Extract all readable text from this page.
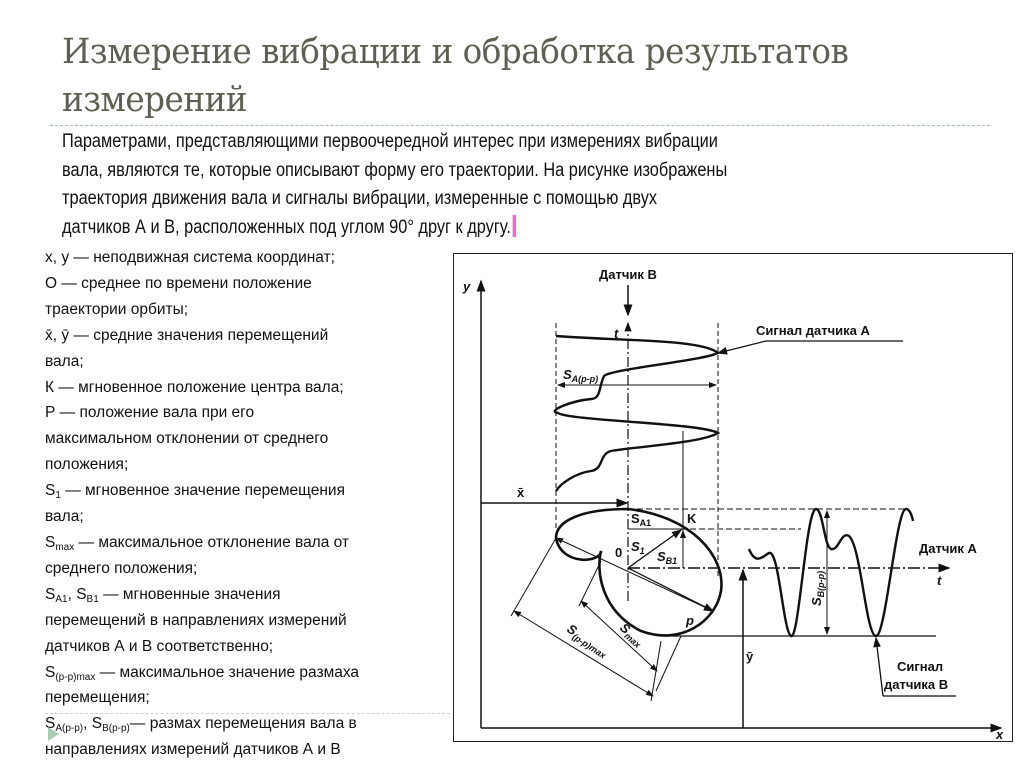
Измерение вибрации и обработка результатов измерений
Параметрами, представляющими первоочередной интерес при измерениях вибрации
вала, являются те, которые описывают форму его траектории. На рисунке изображены
траектория движения вала и сигналы вибрации, измеренные с помощью двух
датчиков А и В, расположенных под углом 90° друг к другу.
x, y — неподвижная система координат;
O — среднее по времени положение
траектории орбиты;
x̄, ȳ — средние значения перемещений
вала;
К — мгновенное положение центра вала;
Р — положение вала при его
максимальном отклонении от среднего
положения;
$S_1$ — мгновенное значение перемещения
вала;
$S_{max}$ — максимальное отклонение вала от
среднего положения;
$S_{A1}$, $S_{B1}$ — мгновенные значения
перемещений в направлениях измерений
датчиков А и В соответственно;
$S_{(p-p)max}$ — максимальное значение размаха
перемещения;
$S_{A(p-p)}$, $S_{B(p-p)}—$ размах перемещения вала в
направлениях измерений датчиков А и В
Датчик В
y
x
t	Сигнал датчика А
$S_{A(p-p)}$
x̄
$S_{A1}$	K
$S_1$ $S_{B1}$
0
p
Датчик А
t
ȳ
Сигнал
датчика В
$S_{B(p-p)}$
$S_{max}$
$S_{(p-p)max}$
